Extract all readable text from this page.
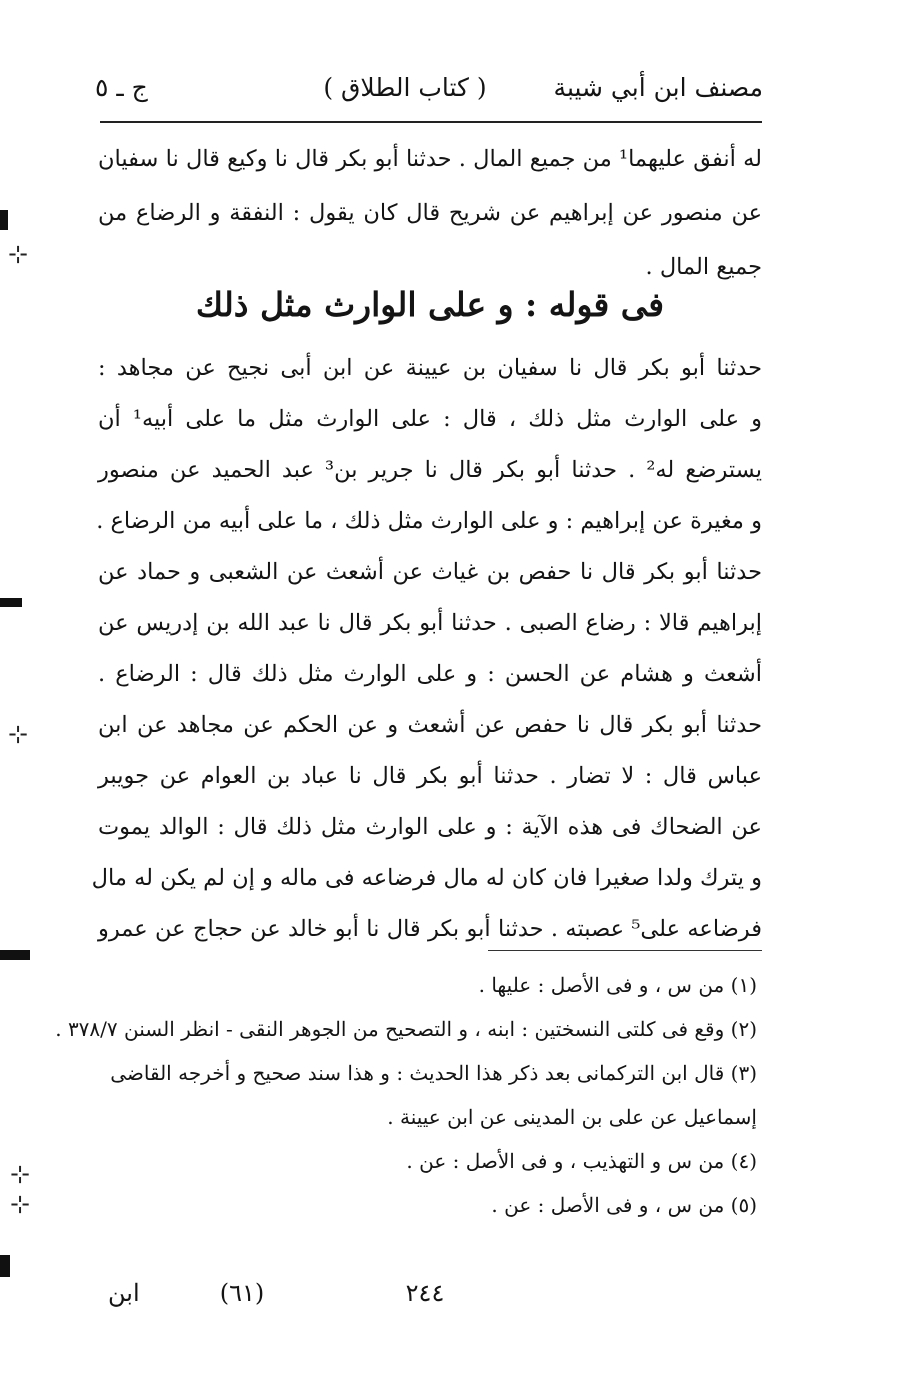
مصنف ابن أبي شيبة
( كتاب الطلاق )
ج ـ ٥
له أنفق عليهما¹ من جميع المال . حدثنا أبو بكر قال نا وكيع قال نا سفيان
عن منصور عن إبراهيم عن شريح قال كان يقول : النفقة و الرضاع من
جميع المال .
فى قوله : و على الوارث مثل ذلك
حدثنا أبو بكر قال نا سفيان بن عيينة عن ابن أبى نجيح عن مجاهد :
و على الوارث مثل ذلك ، قال : على الوارث مثل ما على أبيه¹ أن
يسترضع له² . حدثنا أبو بكر قال نا جرير بن³ عبد الحميد عن منصور
و مغيرة عن إبراهيم : و على الوارث مثل ذلك ، ما على أبيه من الرضاع .
حدثنا أبو بكر قال نا حفص بن غياث عن أشعث عن الشعبى و حماد عن
إبراهيم قالا : رضاع الصبى . حدثنا أبو بكر قال نا عبد الله بن إدريس عن
أشعث و هشام عن الحسن : و على الوارث مثل ذلك قال : الرضاع .
حدثنا أبو بكر قال نا حفص عن أشعث و عن الحكم عن مجاهد عن ابن
عباس قال : لا تضار . حدثنا أبو بكر قال نا عباد بن العوام عن جويبر
عن الضحاك فى هذه الآية : و على الوارث مثل ذلك قال : الوالد يموت
و يترك ولدا صغيرا فان كان له مال فرضاعه فى ماله و إن لم يكن له مال
فرضاعه على⁵ عصبته . حدثنا أبو بكر قال نا أبو خالد عن حجاج عن عمرو
(١) من س ، و فى الأصل : عليها .
(٢) وقع فى كلتى النسختين : ابنه ، و التصحيح من الجوهر النقى - انظر السنن ٣٧٨/٧ .
(٣) قال ابن التركمانى بعد ذكر هذا الحديث : و هذا سند صحيح و أخرجه القاضى
إسماعيل عن على بن المدينى عن ابن عيينة .
(٤) من س و التهذيب ، و فى الأصل : عن .
(٥) من س ، و فى الأصل : عن .
٢٤٤
(٦١)
ابن
⊹
⊹
⊹
⊹
